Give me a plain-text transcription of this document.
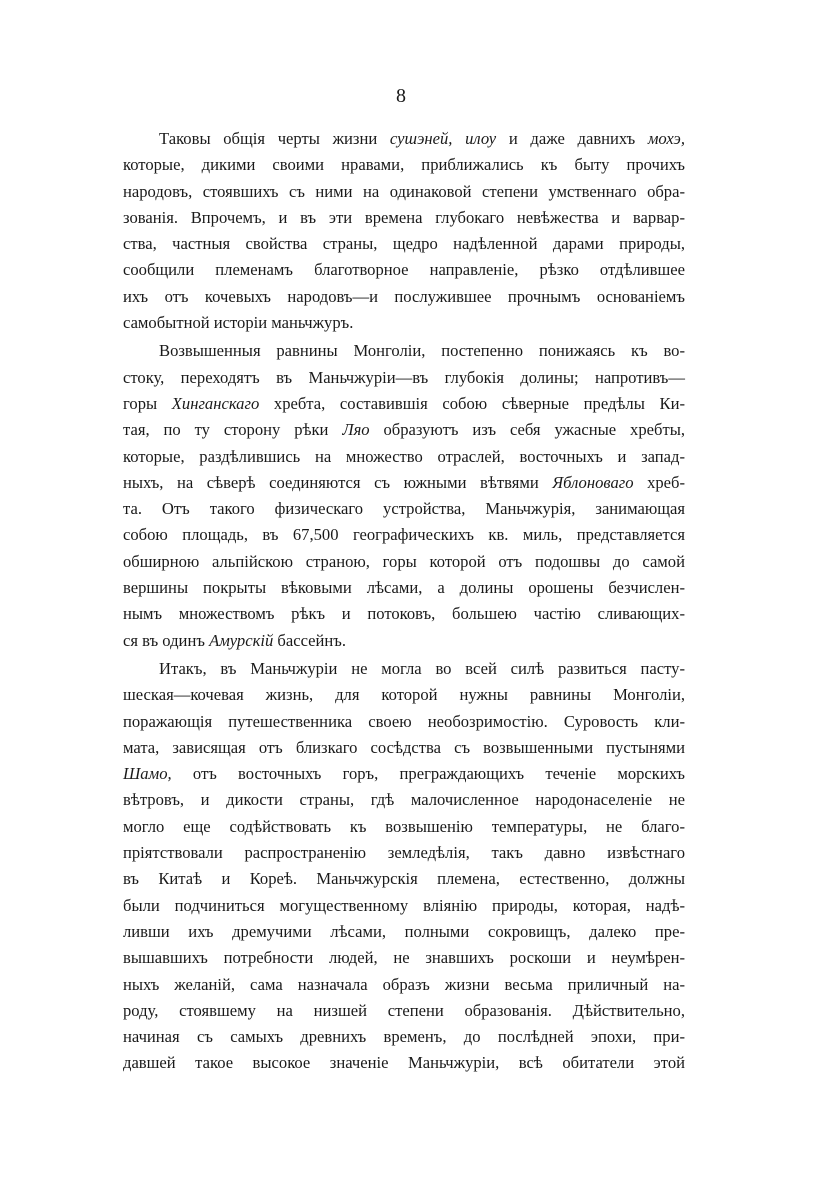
8
Таковы общія черты жизни сушэней, илоу и даже давнихъ мохэ,
которые, дикими своими нравами, приближались къ быту прочихъ
народовъ, стоявшихъ съ ними на одинаковой степени умственнаго обра-
зованія. Впрочемъ, и въ эти времена глубокаго невѣжества и варвар-
ства, частныя свойства страны, щедро надѣленной дарами природы,
сообщили племенамъ благотворное направленіе, рѣзко отдѣлившее
ихъ отъ кочевыхъ народовъ—и послужившее прочнымъ основаніемъ
самобытной исторіи маньчжуръ.
Возвышенныя равнины Монголіи, постепенно понижаясь къ во-
стоку, переходятъ въ Маньчжуріи—въ глубокія долины; напротивъ—
горы Хинганскаго хребта, составившія собою сѣверные предѣлы Ки-
тая, по ту сторону рѣки Ляо образуютъ изъ себя ужасные хребты,
которые, раздѣлившись на множество отраслей, восточныхъ и запад-
ныхъ, на сѣверѣ соединяются съ южными вѣтвями Яблоноваго хреб-
та. Отъ такого физическаго устройства, Маньчжурія, занимающая
собою площадь, въ 67,500 географическихъ кв. миль, представляется
обширною альпійскою страною, горы которой отъ подошвы до самой
вершины покрыты вѣковыми лѣсами, а долины орошены безчислен-
нымъ множествомъ рѣкъ и потоковъ, большею частію сливающих-
ся въ одинъ Амурскій бассейнъ.
Итакъ, въ Маньчжуріи не могла во всей силѣ развиться пасту-
шеская—кочевая жизнь, для которой нужны равнины Монголіи,
поражающія путешественника своею необозримостію. Суровость кли-
мата, зависящая отъ близкаго сосѣдства съ возвышенными пустынями
Шамо, отъ восточныхъ горъ, преграждающихъ теченіе морскихъ
вѣтровъ, и дикости страны, гдѣ малочисленное народонаселеніе не
могло еще содѣйствовать къ возвышенію температуры, не благо-
пріятствовали распространенію земледѣлія, такъ давно извѣстнаго
въ Китаѣ и Кореѣ. Маньчжурскія племена, естественно, должны
были подчиниться могущественному вліянію природы, которая, надѣ-
ливши ихъ дремучими лѣсами, полными сокровищъ, далеко пре-
вышавшихъ потребности людей, не знавшихъ роскоши и неумѣрен-
ныхъ желаній, сама назначала образъ жизни весьма приличный на-
роду, стоявшему на низшей степени образованія. Дѣйствительно,
начиная съ самыхъ древнихъ временъ, до послѣдней эпохи, при-
давшей такое высокое значеніе Маньчжуріи, всѣ обитатели этой
